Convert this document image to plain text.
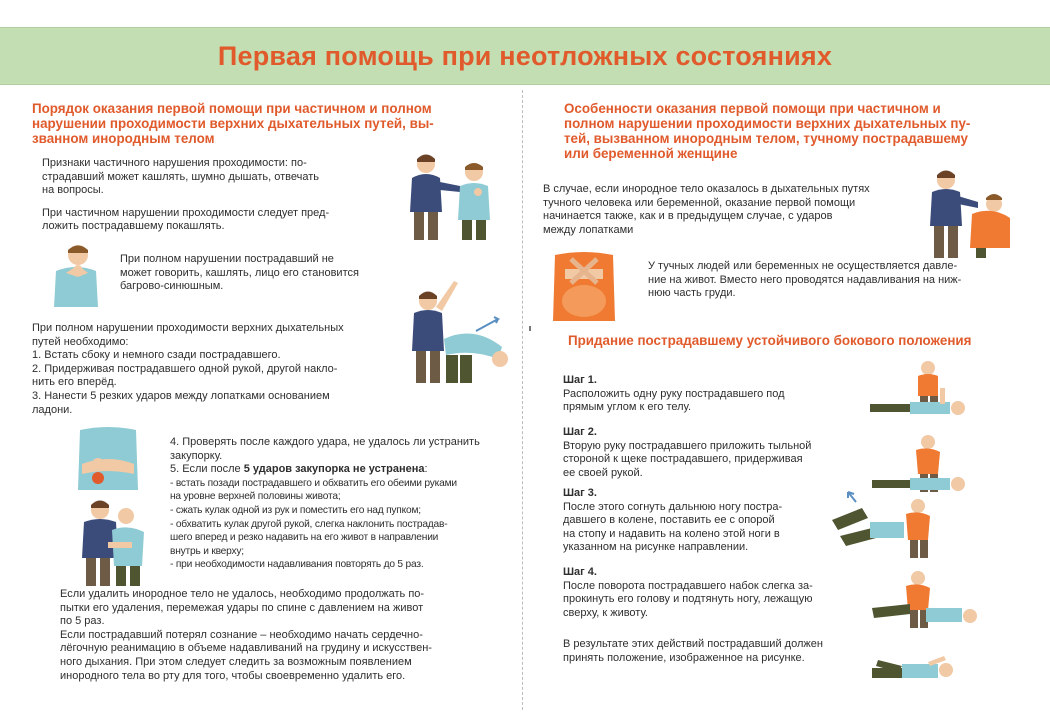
Первая помощь при неотложных состояниях
Порядок оказания первой помощи при частичном и полном
нарушении проходимости верхних дыхательных путей, вы-
званном инородным телом

Признаки частичного нарушения проходимости: по-

страдавший может кашлять, шумно дышать, отвечать

на вопросы.

При частичном нарушении проходимости следует пред-

ложить пострадавшему покашлять.

При полном нарушении пострадавший не

может говорить, кашлять, лицо его становится

багрово-синюшным.

При полном нарушении проходимости верхних дыхательных

путей необходимо:

1. Встать сбоку и немного сзади пострадавшего.

2. Придерживая пострадавшего одной рукой, другой накло-

нить его вперёд.

3. Нанести 5 резких ударов между лопатками основанием

ладони.

4. Проверять после каждого удара, не удалось ли устранить

закупорку.

5. Если после 5 ударов закупорка не устранена:

- встать позади пострадавшего и обхватить его обеими руками

на уровне верхней половины живота;

- сжать кулак одной из рук и поместить его над пупком;

- обхватить кулак другой рукой, слегка наклонить пострадав-

шего вперед и резко надавить на его живот в направлении

внутрь и кверху;

- при необходимости надавливания повторять до 5 раз.

Если удалить инородное тело не удалось, необходимо продолжать по-

пытки его удаления, перемежая удары по спине с давлением на живот

по 5 раз.

Если пострадавший потерял сознание – необходимо начать сердечно-

лёгочную реанимацию в объеме надавливаний на грудину и искусствен-

ного дыхания. При этом следует следить за возможным появлением

инородного тела во рту для того, чтобы своевременно удалить его.

Особенности оказания первой помощи при частичном и
полном нарушении проходимости верхних дыхательных пу-
тей, вызванном инородным телом, тучному пострадавшему
или беременной женщине

В случае, если инородное тело оказалось в дыхательных путях

тучного человека или беременной, оказание первой помощи

начинается также, как и в предыдущем случае, с ударов

между лопатками

У тучных людей или беременных не осуществляется давле-

ние на живот. Вместо него проводятся надавливания на ниж-

нюю часть груди.

Придание пострадавшему устойчивого бокового положения

Шаг 1.

Расположить одну руку пострадавшего под

прямым углом к его телу.

Шаг 2.

Вторую руку пострадавшего приложить тыльной

стороной к щеке пострадавшего, придерживая

ее своей рукой.

Шаг 3.

После этого согнуть дальнюю ногу постра-

давшего в колене, поставить ее с опорой

на стопу и надавить на колено этой ноги в

указанном на рисунке направлении.

Шаг 4.

После поворота пострадавшего набок слегка за-

прокинуть его голову и подтянуть ногу, лежащую

сверху, к животу.

В результате этих действий пострадавший должен

принять положение, изображенное на рисунке.
